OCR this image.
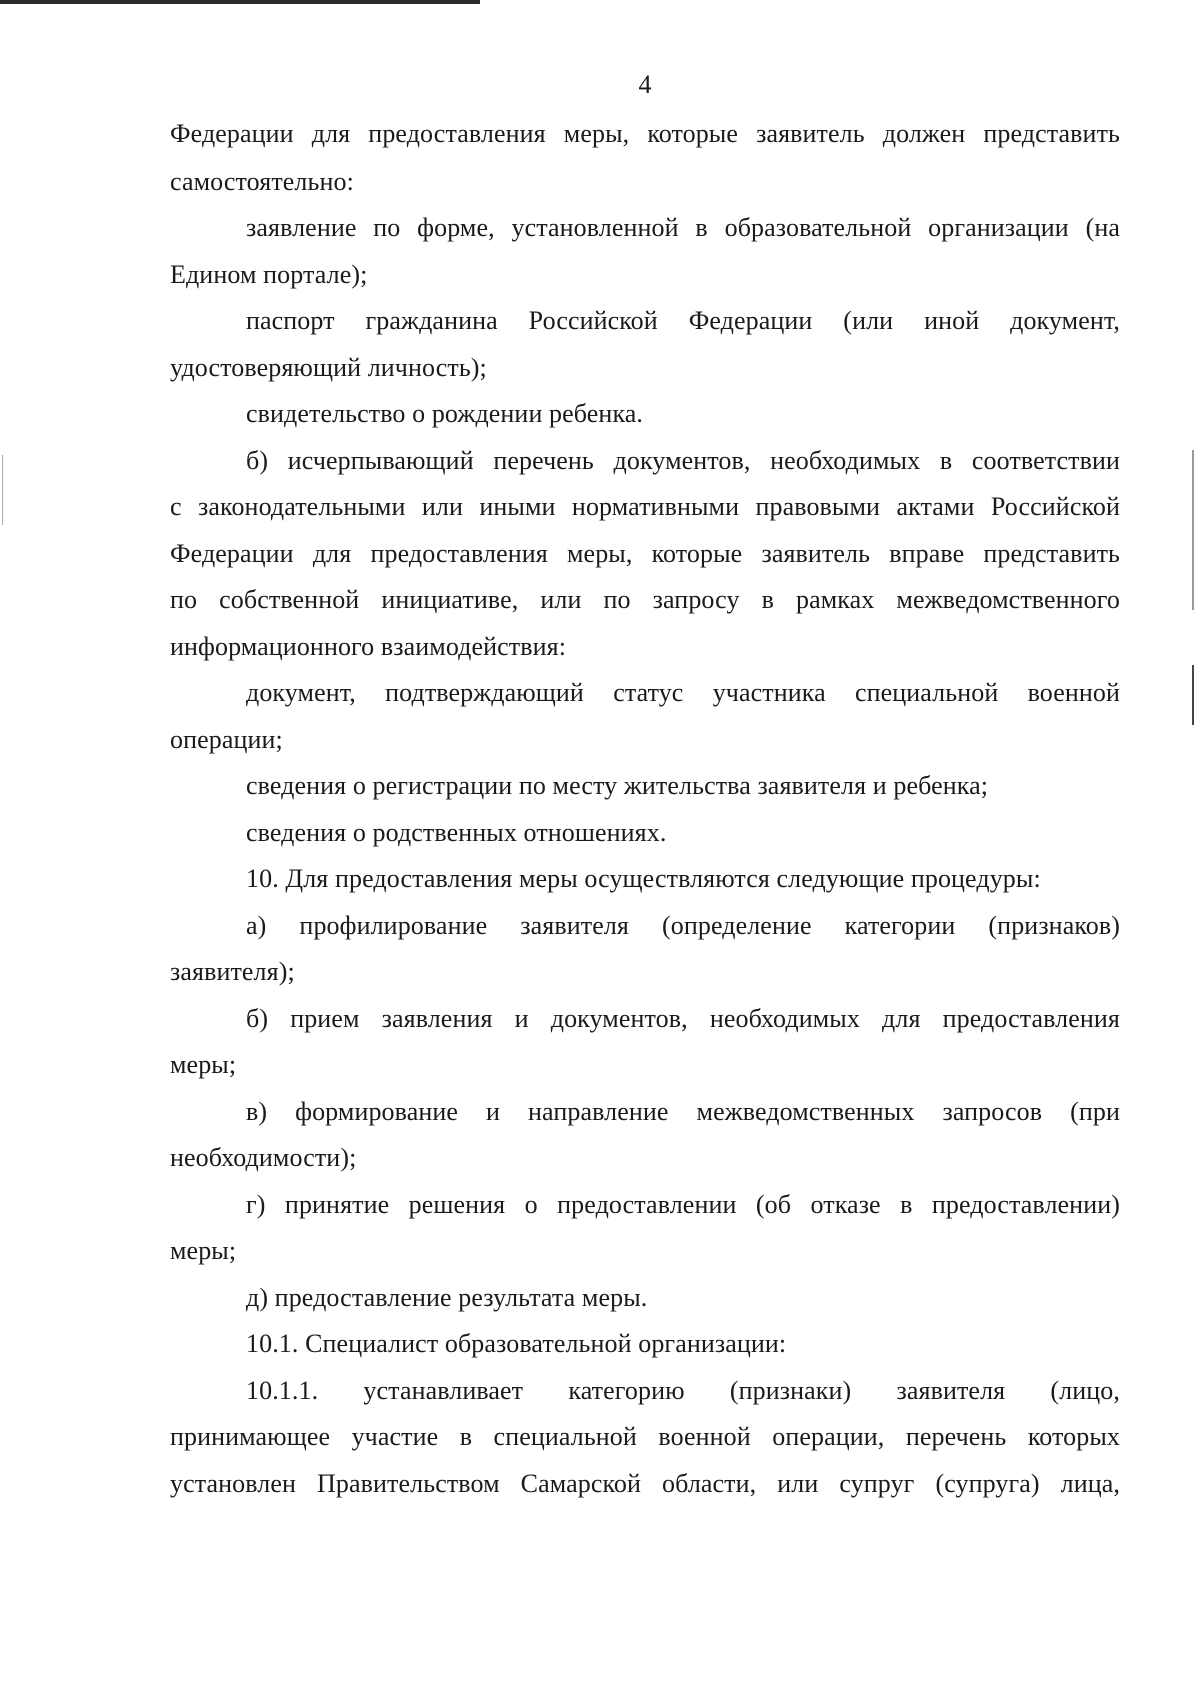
4

Федерации для предоставления меры, которые заявитель должен представить

самостоятельно:

заявление по форме, установленной в образовательной организации (на

Едином портале);

паспорт гражданина Российской Федерации (или иной документ,

удостоверяющий личность);

свидетельство о рождении ребенка.

б) исчерпывающий перечень документов, необходимых в соответствии

с законодательными или иными нормативными правовыми актами Российской

Федерации для предоставления меры, которые заявитель вправе представить

по собственной инициативе, или по запросу в рамках межведомственного

информационного взаимодействия:

документ, подтверждающий статус участника специальной военной

операции;

сведения о регистрации по месту жительства заявителя и ребенка;

сведения о родственных отношениях.

10. Для предоставления меры осуществляются следующие процедуры:

а) профилирование заявителя (определение категории (признаков)

заявителя);

б) прием заявления и документов, необходимых для предоставления

меры;

в) формирование и направление межведомственных запросов (при

необходимости);

г) принятие решения о предоставлении (об отказе в предоставлении)

меры;

д) предоставление результата меры.

10.1. Специалист образовательной организации:

10.1.1. устанавливает категорию (признаки) заявителя (лицо,

принимающее участие в специальной военной операции, перечень которых

установлен Правительством Самарской области, или супруг (супруга) лица,
